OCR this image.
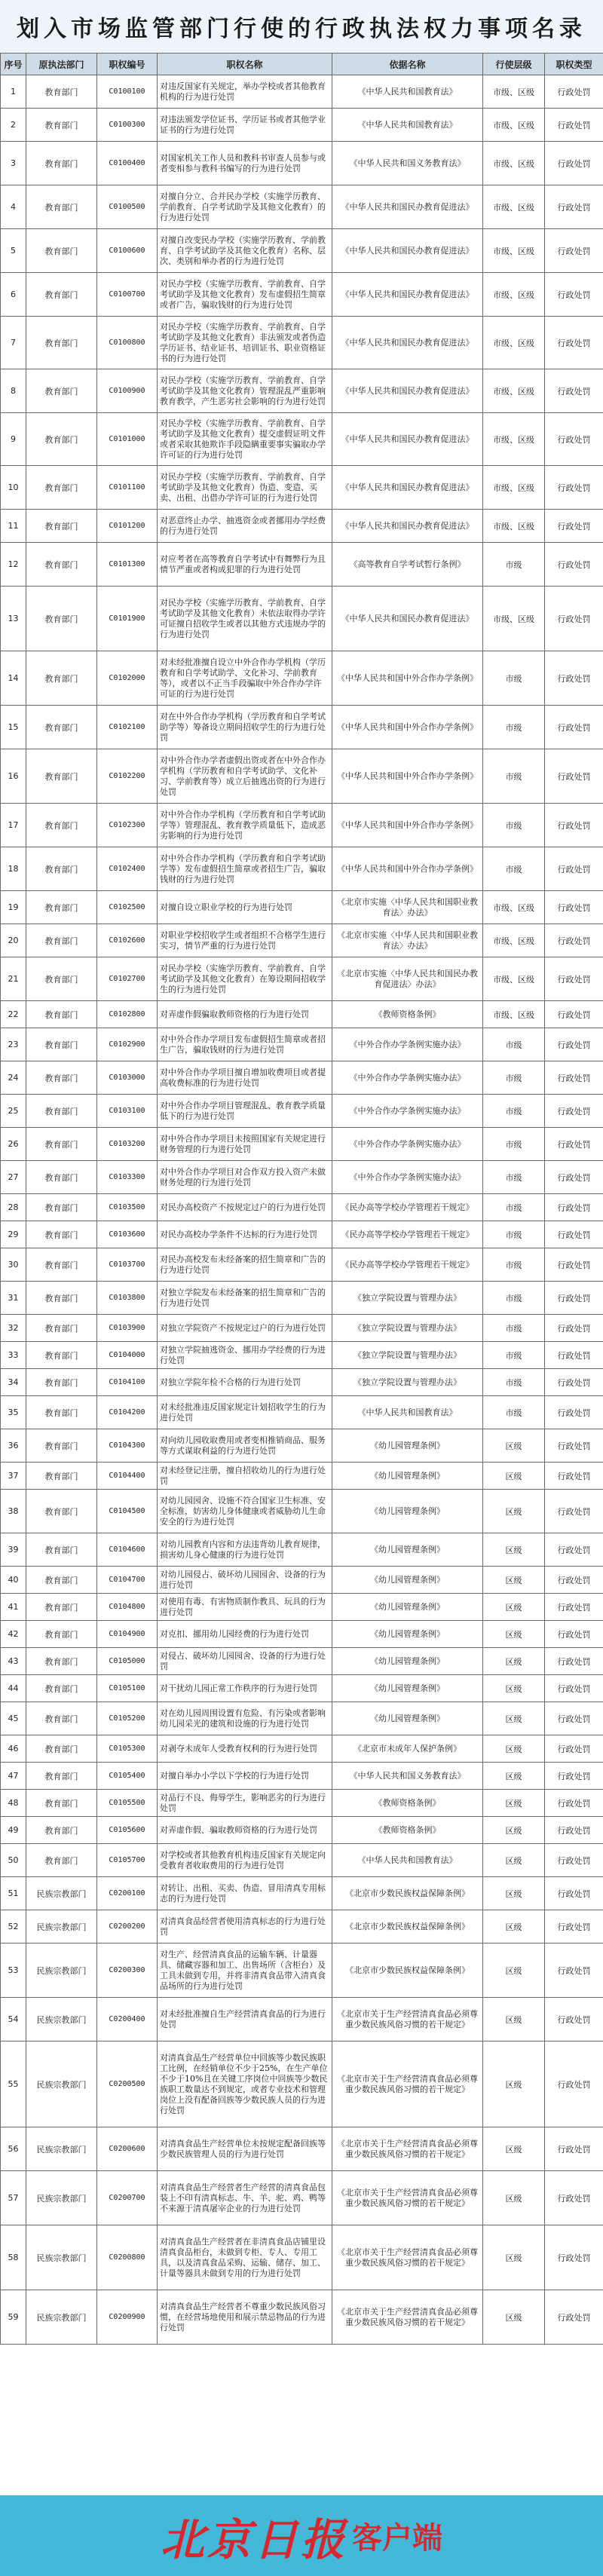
划入市场监管部门行使的行政执法权力事项名录
序号	原执法部门	职权编号	职权名称	依据名称	行使层级	职权类型
1	教育部门	C0100100	对违反国家有关规定，举办学校或者其他教育机构的行为进行处罚	《中华人民共和国教育法》	市级、区级	行政处罚
2	教育部门	C0100300	对违法颁发学位证书、学历证书或者其他学业证书的行为进行处罚	《中华人民共和国教育法》	市级、区级	行政处罚
3	教育部门	C0100400	对国家机关工作人员和教科书审查人员参与或者变相参与教科书编写的行为进行处罚	《中华人民共和国义务教育法》	市级、区级	行政处罚
4	教育部门	C0100500	对擅自分立、合并民办学校（实施学历教育、学前教育、自学考试助学及其他文化教育）的行为进行处罚	《中华人民共和国民办教育促进法》	市级、区级	行政处罚
5	教育部门	C0100600	对擅自改变民办学校（实施学历教育、学前教育、自学考试助学及其他文化教育）名称、层次、类别和举办者的行为进行处罚	《中华人民共和国民办教育促进法》	市级、区级	行政处罚
6	教育部门	C0100700	对民办学校（实施学历教育、学前教育、自学考试助学及其他文化教育）发布虚假招生简章或者广告，骗取钱财的行为进行处罚	《中华人民共和国民办教育促进法》	市级、区级	行政处罚
7	教育部门	C0100800	对民办学校（实施学历教育、学前教育、自学考试助学及其他文化教育）非法颁发或者伪造学历证书、结业证书、培训证书、职业资格证书的行为进行处罚	《中华人民共和国民办教育促进法》	市级、区级	行政处罚
8	教育部门	C0100900	对民办学校（实施学历教育、学前教育、自学考试助学及其他文化教育）管理混乱严重影响教育教学，产生恶劣社会影响的行为进行处罚	《中华人民共和国民办教育促进法》	市级、区级	行政处罚
9	教育部门	C0101000	对民办学校（实施学历教育、学前教育、自学考试助学及其他文化教育）提交虚假证明文件或者采取其他欺诈手段隐瞒重要事实骗取办学许可证的行为进行处罚	《中华人民共和国民办教育促进法》	市级、区级	行政处罚
10	教育部门	C0101100	对民办学校（实施学历教育、学前教育、自学考试助学及其他文化教育）伪造、变造、买卖、出租、出借办学许可证的行为进行处罚	《中华人民共和国民办教育促进法》	市级、区级	行政处罚
11	教育部门	C0101200	对恶意终止办学、抽逃资金或者挪用办学经费的行为进行处罚	《中华人民共和国民办教育促进法》	市级、区级	行政处罚
12	教育部门	C0101300	对应考者在高等教育自学考试中有舞弊行为且情节严重或者构成犯罪的行为进行处罚	《高等教育自学考试暂行条例》	市级	行政处罚
13	教育部门	C0101900	对民办学校（实施学历教育、学前教育、自学考试助学及其他文化教育）未依法取得办学许可证擅自招收学生或者以其他方式违规办学的行为进行处罚	《中华人民共和国民办教育促进法》	市级、区级	行政处罚
14	教育部门	C0102000	对未经批准擅自设立中外合作办学机构（学历教育和自学考试助学、文化补习、学前教育等），或者以不正当手段骗取中外合作办学许可证的行为进行处罚	《中华人民共和国中外合作办学条例》	市级	行政处罚
15	教育部门	C0102100	对在中外合作办学机构（学历教育和自学考试助学等）筹备设立期间招收学生的行为进行处罚	《中华人民共和国中外合作办学条例》	市级	行政处罚
16	教育部门	C0102200	对中外合作办学者虚假出资或者在中外合作办学机构（学历教育和自学考试助学、文化补习、学前教育等）成立后抽逃出资的行为进行处罚	《中华人民共和国中外合作办学条例》	市级	行政处罚
17	教育部门	C0102300	对中外合作办学机构（学历教育和自学考试助学等）管理混乱、教育教学质量低下，造成恶劣影响的行为进行处罚	《中华人民共和国中外合作办学条例》	市级	行政处罚
18	教育部门	C0102400	对中外合作办学机构（学历教育和自学考试助学等）发布虚假招生简章或者招生广告，骗取钱财的行为进行处罚	《中华人民共和国中外合作办学条例》	市级	行政处罚
19	教育部门	C0102500	对擅自设立职业学校的行为进行处罚	《北京市实施〈中华人民共和国职业教育法〉办法》	市级、区级	行政处罚
20	教育部门	C0102600	对职业学校招收学生或者组织不合格学生进行实习，情节严重的行为进行处罚	《北京市实施〈中华人民共和国职业教育法〉办法》	市级、区级	行政处罚
21	教育部门	C0102700	对民办学校（实施学历教育、学前教育、自学考试助学及其他文化教育）在筹设期间招收学生的行为进行处罚	《北京市实施〈中华人民共和国民办教育促进法〉办法》	市级、区级	行政处罚
22	教育部门	C0102800	对弄虚作假骗取教师资格的行为进行处罚	《教师资格条例》	市级、区级	行政处罚
23	教育部门	C0102900	对中外合作办学项目发布虚假招生简章或者招生广告，骗取钱财的行为进行处罚	《中外合作办学条例实施办法》	市级	行政处罚
24	教育部门	C0103000	对中外合作办学项目擅自增加收费项目或者提高收费标准的行为进行处罚	《中外合作办学条例实施办法》	市级	行政处罚
25	教育部门	C0103100	对中外合作办学项目管理混乱、教育教学质量低下的行为进行处罚	《中外合作办学条例实施办法》	市级	行政处罚
26	教育部门	C0103200	对中外合作办学项目未按照国家有关规定进行财务管理的行为进行处罚	《中外合作办学条例实施办法》	市级	行政处罚
27	教育部门	C0103300	对中外合作办学项目对合作双方投入资产未做财务处理的行为进行处罚	《中外合作办学条例实施办法》	市级	行政处罚
28	教育部门	C0103500	对民办高校资产不按规定过户的行为进行处罚	《民办高等学校办学管理若干规定》	市级	行政处罚
29	教育部门	C0103600	对民办高校办学条件不达标的行为进行处罚	《民办高等学校办学管理若干规定》	市级	行政处罚
30	教育部门	C0103700	对民办高校发布未经备案的招生简章和广告的行为进行处罚	《民办高等学校办学管理若干规定》	市级	行政处罚
31	教育部门	C0103800	对独立学院发布未经备案的招生简章和广告的行为进行处罚	《独立学院设置与管理办法》	市级	行政处罚
32	教育部门	C0103900	对独立学院资产不按规定过户的行为进行处罚	《独立学院设置与管理办法》	市级	行政处罚
33	教育部门	C0104000	对独立学院抽逃资金、挪用办学经费的行为进行处罚	《独立学院设置与管理办法》	市级	行政处罚
34	教育部门	C0104100	对独立学院年检不合格的行为进行处罚	《独立学院设置与管理办法》	市级	行政处罚
35	教育部门	C0104200	对未经批准违反国家规定计划招收学生的行为进行处罚	《中华人民共和国教育法》	市级	行政处罚
36	教育部门	C0104300	对向幼儿园收取费用或者变相推销商品、服务等方式谋取利益的行为进行处罚	《幼儿园管理条例》	区级	行政处罚
37	教育部门	C0104400	对未经登记注册，擅自招收幼儿的行为进行处罚	《幼儿园管理条例》	区级	行政处罚
38	教育部门	C0104500	对幼儿园园舍、设施不符合国家卫生标准、安全标准，妨害幼儿身体健康或者威胁幼儿生命安全的行为进行处罚	《幼儿园管理条例》	区级	行政处罚
39	教育部门	C0104600	对幼儿园教育内容和方法违背幼儿教育规律，损害幼儿身心健康的行为进行处罚	《幼儿园管理条例》	区级	行政处罚
40	教育部门	C0104700	对幼儿园侵占、破坏幼儿园园舍、设备的行为进行处罚	《幼儿园管理条例》	区级	行政处罚
41	教育部门	C0104800	对使用有毒、有害物质制作教具、玩具的行为进行处罚	《幼儿园管理条例》	区级	行政处罚
42	教育部门	C0104900	对克扣、挪用幼儿园经费的行为进行处罚	《幼儿园管理条例》	区级	行政处罚
43	教育部门	C0105000	对侵占、破坏幼儿园园舍、设备的行为进行处罚	《幼儿园管理条例》	区级	行政处罚
44	教育部门	C0105100	对干扰幼儿园正常工作秩序的行为进行处罚	《幼儿园管理条例》	区级	行政处罚
45	教育部门	C0105200	对在幼儿园周围设置有危险、有污染或者影响幼儿园采光的建筑和设施的行为进行处罚	《幼儿园管理条例》	区级	行政处罚
46	教育部门	C0105300	对剥夺未成年人受教育权利的行为进行处罚	《北京市未成年人保护条例》	区级	行政处罚
47	教育部门	C0105400	对擅自举办小学以下学校的行为进行处罚	《中华人民共和国义务教育法》	区级	行政处罚
48	教育部门	C0105500	对品行不良、侮辱学生，影响恶劣的行为进行处罚	《教师资格条例》	区级	行政处罚
49	教育部门	C0105600	对弄虚作假、骗取教师资格的行为进行处罚	《教师资格条例》	区级	行政处罚
50	教育部门	C0105700	对学校或者其他教育机构违反国家有关规定向受教育者收取费用的行为进行处罚	《中华人民共和国教育法》	区级	行政处罚
51	民族宗教部门	C0200100	对转让、出租、买卖、伪造、冒用清真专用标志的行为进行处罚	《北京市少数民族权益保障条例》	区级	行政处罚
52	民族宗教部门	C0200200	对清真食品经营者使用清真标志的行为进行处罚	《北京市少数民族权益保障条例》	区级	行政处罚
53	民族宗教部门	C0200300	对生产、经营清真食品的运输车辆、计量器具、储藏容器和加工、出售场所（含柜台）及工具未做到专用，并将非清真食品带入清真食品场所的行为进行处罚	《北京市少数民族权益保障条例》	区级	行政处罚
54	民族宗教部门	C0200400	对未经批准擅自生产经营清真食品的行为进行处罚	《北京市关于生产经营清真食品必须尊重少数民族风俗习惯的若干规定》	区级	行政处罚
55	民族宗教部门	C0200500	对清真食品生产经营单位中回族等少数民族职工比例，在经销单位不少于25%，在生产单位不少于10%且在关键工序岗位中回族等少数民族职工数量达不到规定，或者专业技术和管理岗位上没有配备回族等少数民族人员的行为进行处罚	《北京市关于生产经营清真食品必须尊重少数民族风俗习惯的若干规定》	区级	行政处罚
56	民族宗教部门	C0200600	对清真食品生产经营单位未按规定配备回族等少数民族管理人员的行为进行处罚	《北京市关于生产经营清真食品必须尊重少数民族风俗习惯的若干规定》	区级	行政处罚
57	民族宗教部门	C0200700	对清真食品生产经营者生产经营的清真食品包装上不印有清真标志、牛、羊、驼、鸡、鸭等不来源于清真屠宰企业的行为进行处罚	《北京市关于生产经营清真食品必须尊重少数民族风俗习惯的若干规定》	区级	行政处罚
58	民族宗教部门	C0200800	对清真食品生产经营者在非清真食品店铺里设清真食品柜台，未做到专柜、专人、专用工具，以及清真食品采购、运输、储存、加工、计量等器具未做到专用的行为进行处罚	《北京市关于生产经营清真食品必须尊重少数民族风俗习惯的若干规定》	区级	行政处罚
59	民族宗教部门	C0200900	对清真食品生产经营者不尊重少数民族风俗习惯，在经营场地使用和展示禁忌物品的行为进行处罚	《北京市关于生产经营清真食品必须尊重少数民族风俗习惯的若干规定》	区级	行政处罚
北京日报 客户端
